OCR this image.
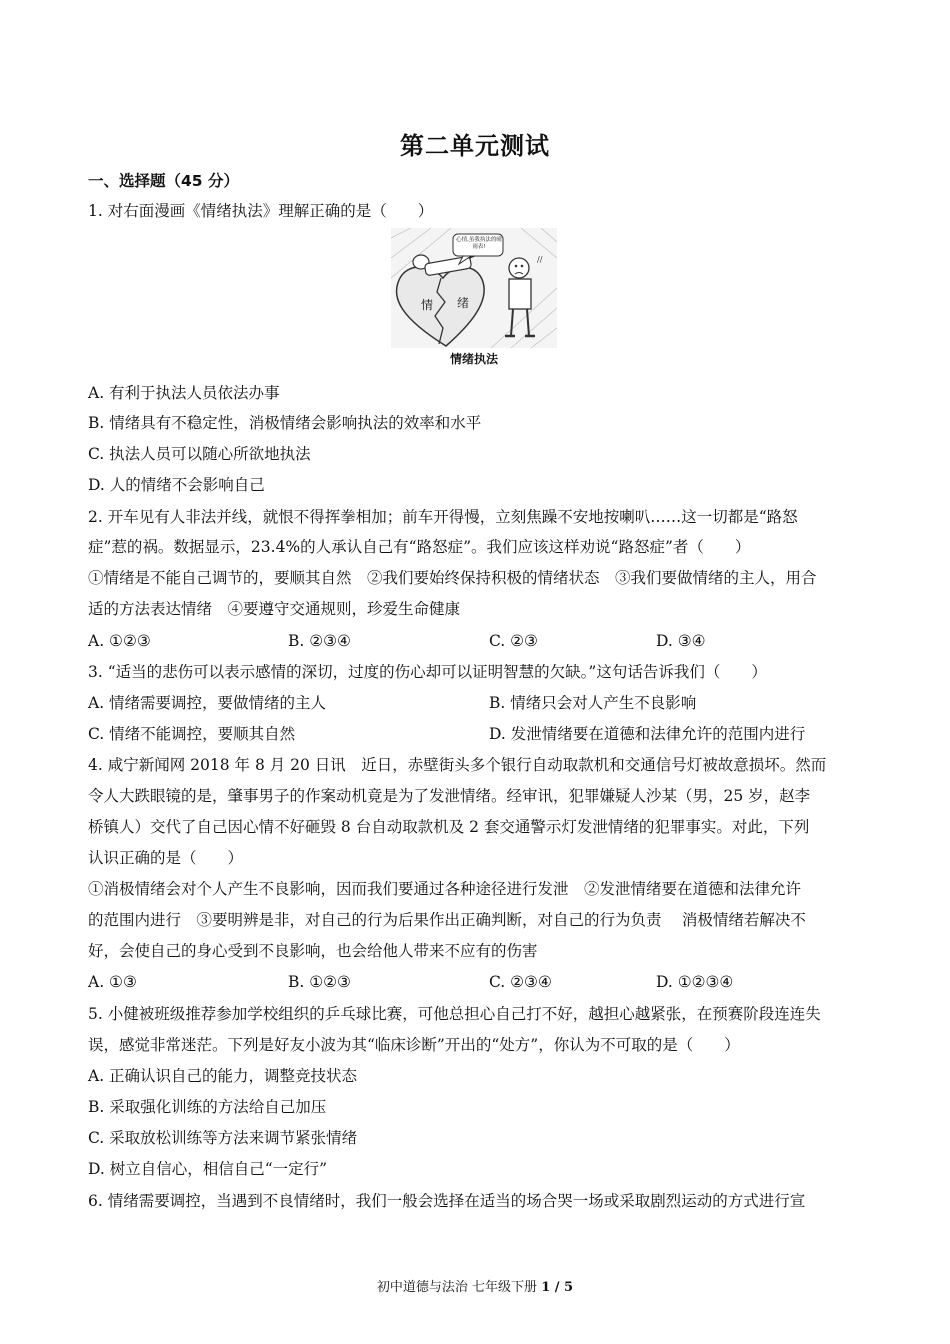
第二单元测试
一、选择题（45 分）
1. 对右面漫画《情绪执法》理解正确的是（　　）
∕∕
心情,虽我执法的晴雨表!
情 绪
情绪执法
A. 有利于执法人员依法办事
B. 情绪具有不稳定性，消极情绪会影响执法的效率和水平
C. 执法人员可以随心所欲地执法
D. 人的情绪不会影响自己
2. 开车见有人非法并线，就恨不得挥拳相加；前车开得慢，立刻焦躁不安地按喇叭……这一切都是“路怒
症”惹的祸。数据显示，23.4%的人承认自己有“路怒症”。我们应该这样劝说“路怒症”者（　　）
①情绪是不能自己调节的，要顺其自然　②我们要始终保持积极的情绪状态　③我们要做情绪的主人，用合
适的方法表达情绪　④要遵守交通规则，珍爱生命健康
A. ①②③	B. ②③④	C. ②③	D. ③④
3. “适当的悲伤可以表示感情的深切，过度的伤心却可以证明智慧的欠缺。”这句话告诉我们（　　）
A. 情绪需要调控，要做情绪的主人	B. 情绪只会对人产生不良影响
C. 情绪不能调控，要顺其自然	D. 发泄情绪要在道德和法律允许的范围内进行
4. 咸宁新闻网 2018 年 8 月 20 日讯　近日，赤壁街头多个银行自动取款机和交通信号灯被故意损坏。然而
令人大跌眼镜的是，肇事男子的作案动机竟是为了发泄情绪。经审讯，犯罪嫌疑人沙某（男，25 岁，赵李
桥镇人）交代了自己因心情不好砸毁 8 台自动取款机及 2 套交通警示灯发泄情绪的犯罪事实。对此，下列
认识正确的是（　　）
①消极情绪会对个人产生不良影响，因而我们要通过各种途径进行发泄　②发泄情绪要在道德和法律允许
的范围内进行　③要明辨是非，对自己的行为后果作出正确判断，对自己的行为负责　 消极情绪若解决不
好，会使自己的身心受到不良影响，也会给他人带来不应有的伤害
A. ①③	B. ①②③	C. ②③④	D. ①②③④
5. 小健被班级推荐参加学校组织的乒乓球比赛，可他总担心自己打不好，越担心越紧张，在预赛阶段连连失
误，感觉非常迷茫。下列是好友小波为其“临床诊断”开出的“处方”，你认为不可取的是（　　）
A. 正确认识自己的能力，调整竞技状态
B. 采取强化训练的方法给自己加压
C. 采取放松训练等方法来调节紧张情绪
D. 树立自信心，相信自己“一定行”
6. 情绪需要调控，当遇到不良情绪时，我们一般会选择在适当的场合哭一场或采取剧烈运动的方式进行宣
初中道德与法治 七年级下册 1 / 5
